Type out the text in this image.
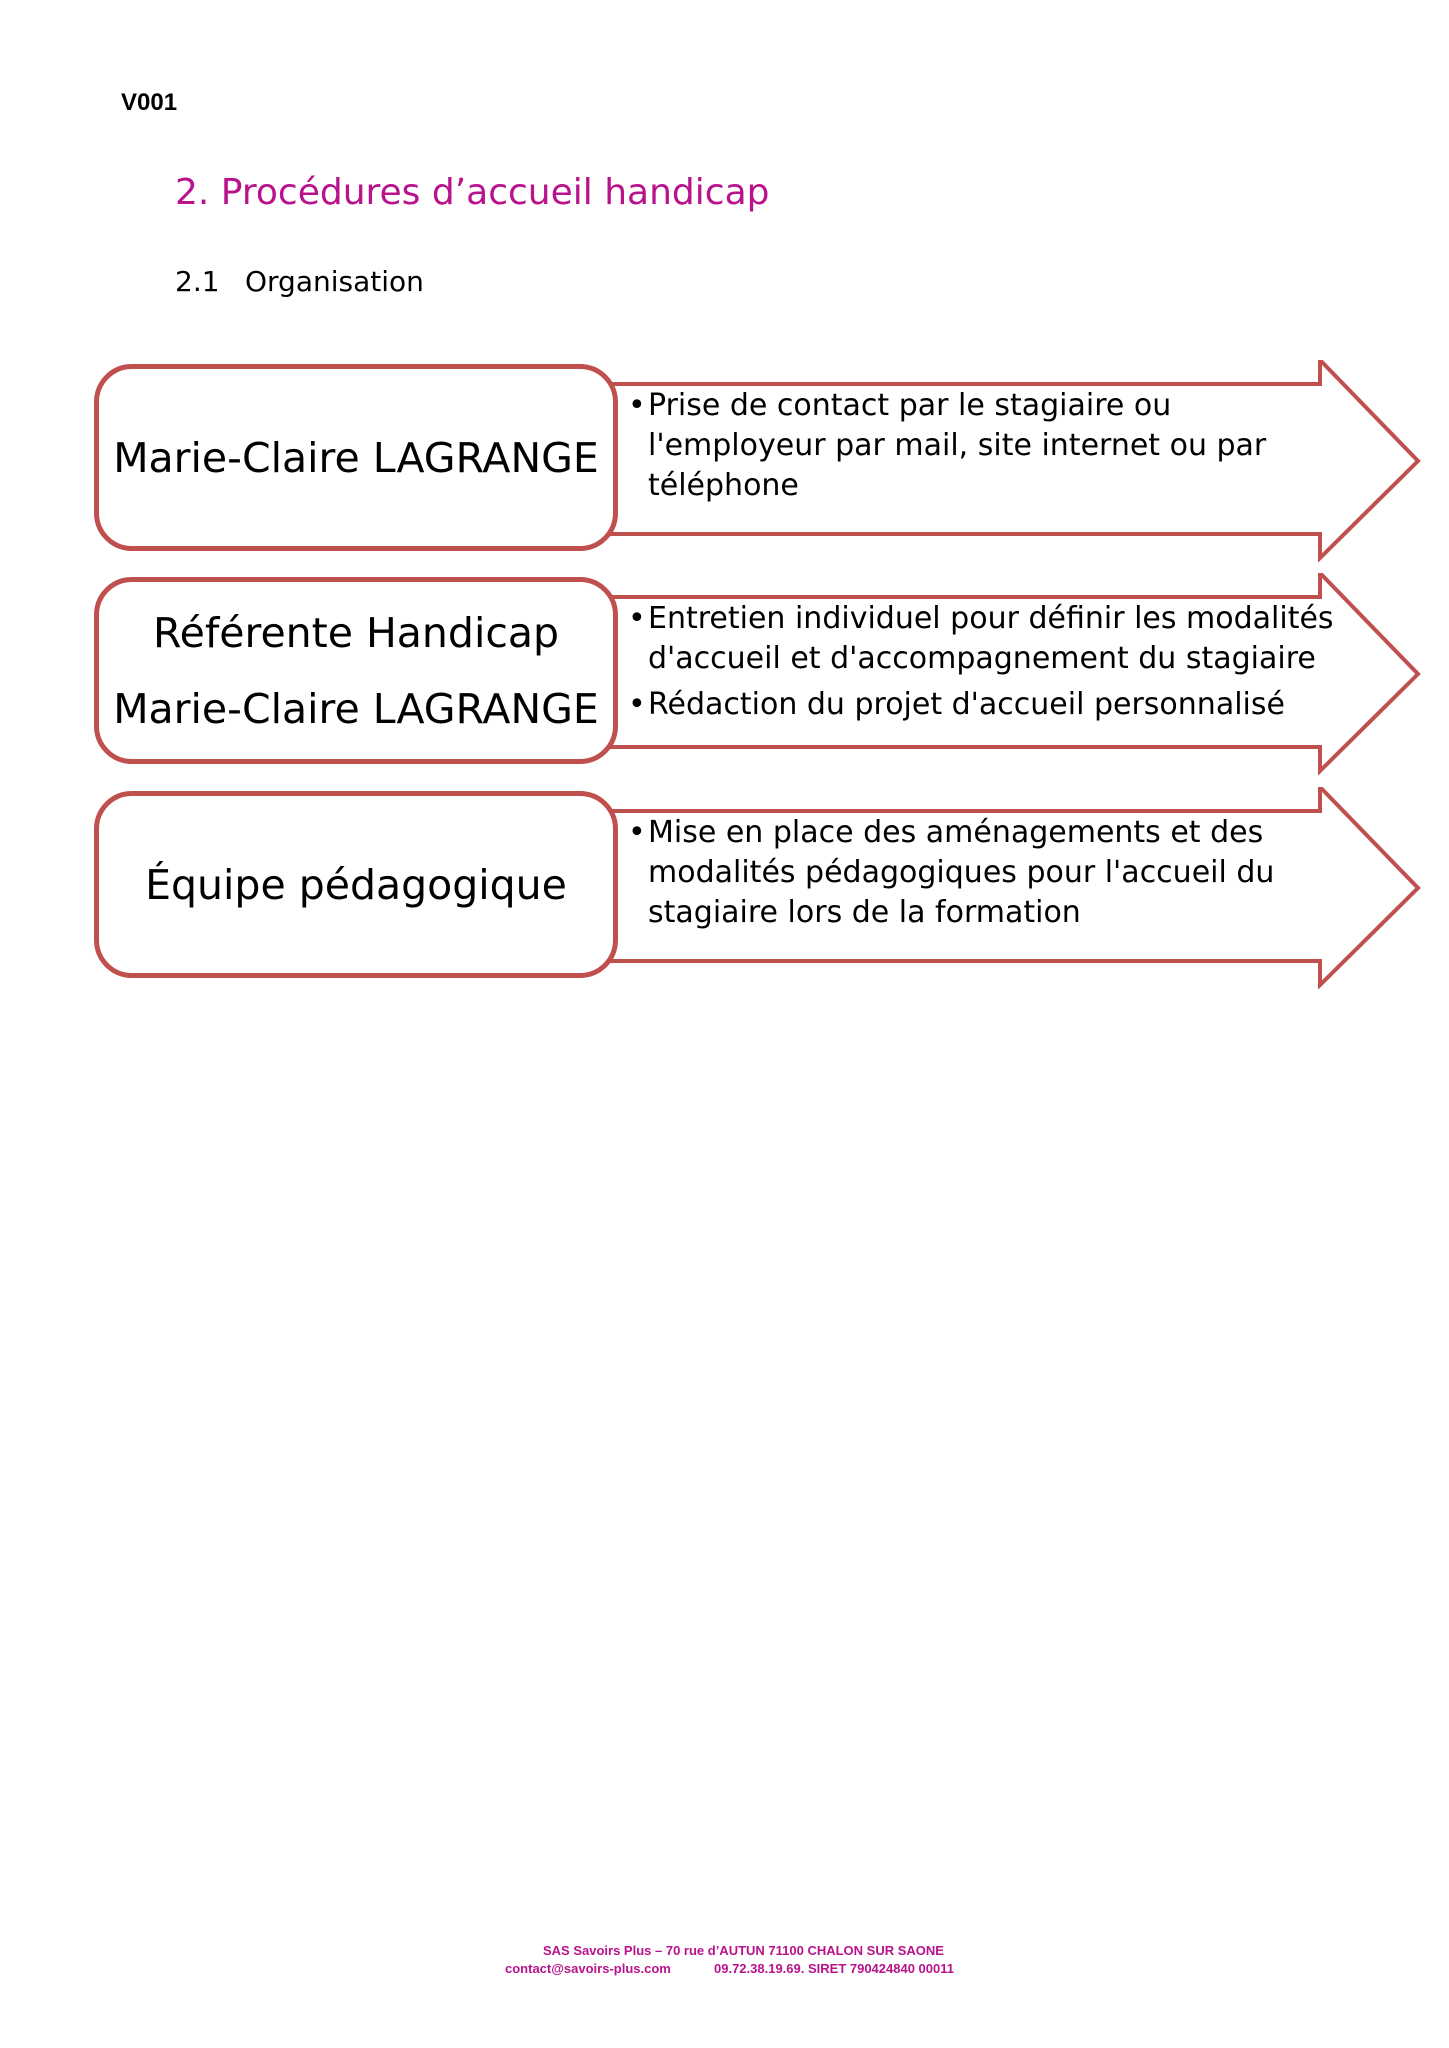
V001
2. Procédures d’accueil handicap
2.1 Organisation
Marie-Claire LAGRANGE
• Prise de contact par le stagiaire ou l'employeur par mail, site internet ou par téléphone
Référente Handicap
Marie-Claire LAGRANGE
• Entretien individuel pour définir les modalités d'accueil et d'accompagnement du stagiaire
• Rédaction du projet d'accueil personnalisé
Équipe pédagogique
• Mise en place des aménagements et des modalités pédagogiques pour l'accueil du stagiaire lors de la formation
SAS Savoirs Plus – 70 rue d’AUTUN 71100 CHALON SUR SAONE
contact@savoirs-plus.com	09.72.38.19.69. SIRET 790424840 00011
